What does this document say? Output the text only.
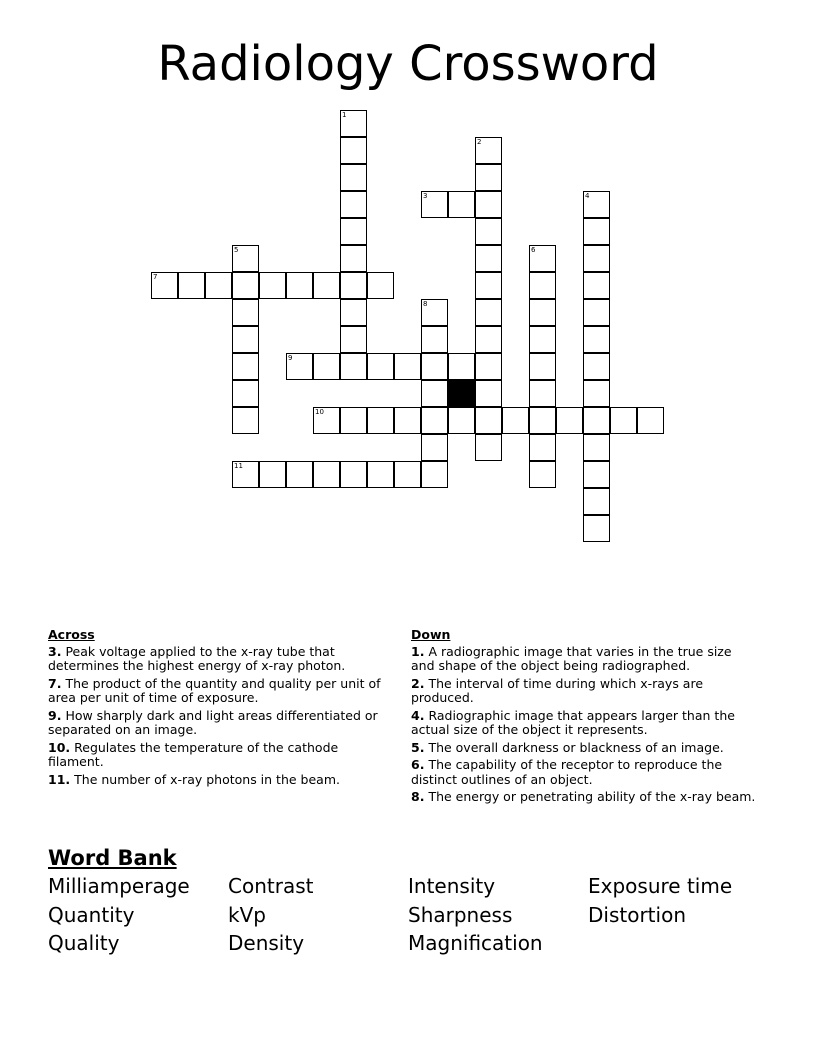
Radiology Crossword
1
2
3	4
5	6
7
8
9
10
11
Across
3. Peak voltage applied to the x-ray tube that determines the highest energy of x-ray photon.
7. The product of the quantity and quality per unit of area per unit of time of exposure.
9. How sharply dark and light areas differentiated or separated on an image.
10. Regulates the temperature of the cathode filament.
11. The number of x-ray photons in the beam.
Down
1. A radiographic image that varies in the true size and shape of the object being radiographed.
2. The interval of time during which x-rays are produced.
4. Radiographic image that appears larger than the actual size of the object it represents.
5. The overall darkness or blackness of an image.
6. The capability of the receptor to reproduce the distinct outlines of an object.
8. The energy or penetrating ability of the x-ray beam.
Word Bank
Milliamperage	Contrast	Intensity	Exposure time
Quantity	kVp	Sharpness	Distortion
Quality	Density	Magnification
